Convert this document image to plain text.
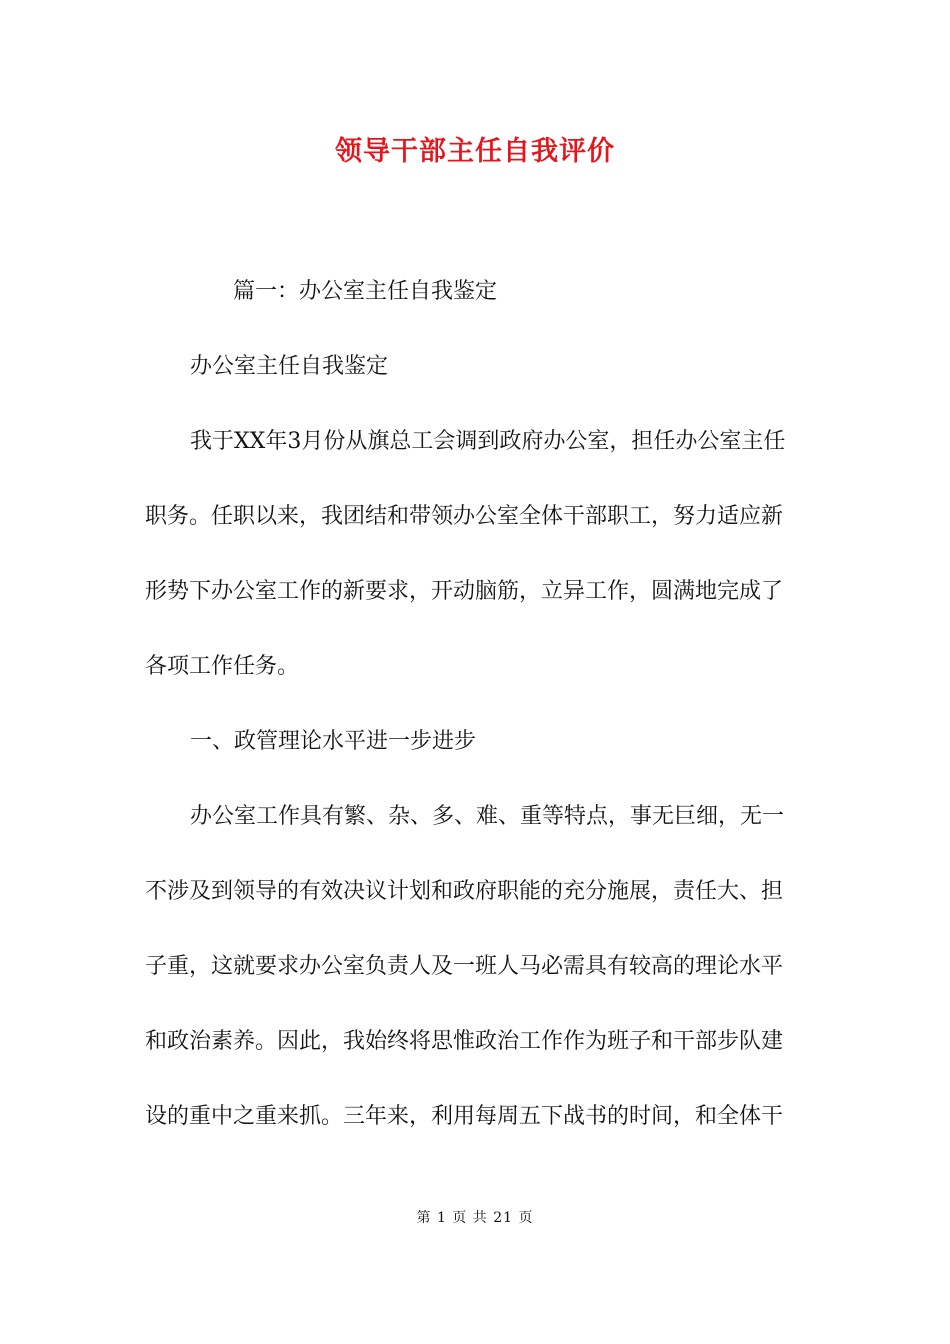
领导干部主任自我评价
篇一：办公室主任自我鉴定
办公室主任自我鉴定
我于XX年3月份从旗总工会调到政府办公室，担任办公室主任
职务。任职以来，我团结和带领办公室全体干部职工，努力适应新
形势下办公室工作的新要求，开动脑筋，立异工作，圆满地完成了
各项工作任务。
一、政管理论水平进一步进步
办公室工作具有繁、杂、多、难、重等特点，事无巨细，无一
不涉及到领导的有效决议计划和政府职能的充分施展，责任大、担
子重，这就要求办公室负责人及一班人马必需具有较高的理论水平
和政治素养。因此，我始终将思惟政治工作作为班子和干部步队建
设的重中之重来抓。三年来，利用每周五下战书的时间，和全体干
第 1 页 共 21 页
